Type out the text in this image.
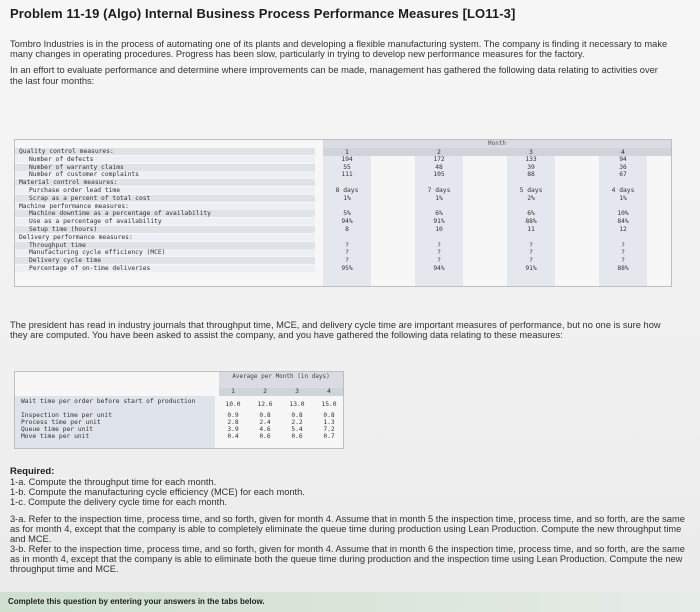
Problem 11-19 (Algo) Internal Business Process Performance Measures [LO11-3]

Tombro Industries is in the process of automating one of its plants and developing a flexible manufacturing system. The company is finding it necessary to make many changes in operating procedures. Progress has been slow, particularly in trying to develop new performance measures for the factory.

In an effort to evaluate performance and determine where improvements can be made, management has gathered the following data relating to activities over the last four months:

Month
1	2	3	4
Quality control measures:
Number of defects	194	172	133	94
Number of warranty claims	55	48	39	36
Number of customer complaints	111	105	88	67
Material control measures:
Purchase order lead time	8 days	7 days	5 days	4 days
Scrap as a percent of total cost	1%	1%	2%	1%
Machine performance measures:
Machine downtime as a percentage of availability	5%	6%	6%	10%
Use as a percentage of availability	94%	91%	88%	84%
Setup time (hours)	8	10	11	12
Delivery performance measures:
Throughput time	?	?	?	?
Manufacturing cycle efficiency (MCE)	?	?	?	?
Delivery cycle time	?	?	?	?
Percentage of on-time deliveries	95%	94%	91%	88%

The president has read in industry journals that throughput time, MCE, and delivery cycle time are important measures of performance, but no one is sure how they are computed. You have been asked to assist the company, and you have gathered the following data relating to these measures:

Average per Month (in days)
1	2	3	4
Wait time per order before start of production	10.0	12.6	13.0	15.0
Inspection time per unit	0.9	0.8	0.8	0.8
Process time per unit	2.8	2.4	2.2	1.3
Queue time per unit	3.9	4.6	5.4	7.2
Move time per unit	0.4	0.6	0.6	0.7
Required:
1-a. Compute the throughput time for each month.
1-b. Compute the manufacturing cycle efficiency (MCE) for each month.
1-c. Compute the delivery cycle time for each month.
3-a. Refer to the inspection time, process time, and so forth, given for month 4. Assume that in month 5 the inspection time, process time, and so forth, are the same as for month 4, except that the company is able to completely eliminate the queue time during production using Lean Production. Compute the new throughput time and MCE.
3-b. Refer to the inspection time, process time, and so forth, given for month 4. Assume that in month 6 the inspection time, process time, and so forth, are the same as in month 4, except that the company is able to eliminate both the queue time during production and the inspection time using Lean Production. Compute the new throughput time and MCE.
Complete this question by entering your answers in the tabs below.
